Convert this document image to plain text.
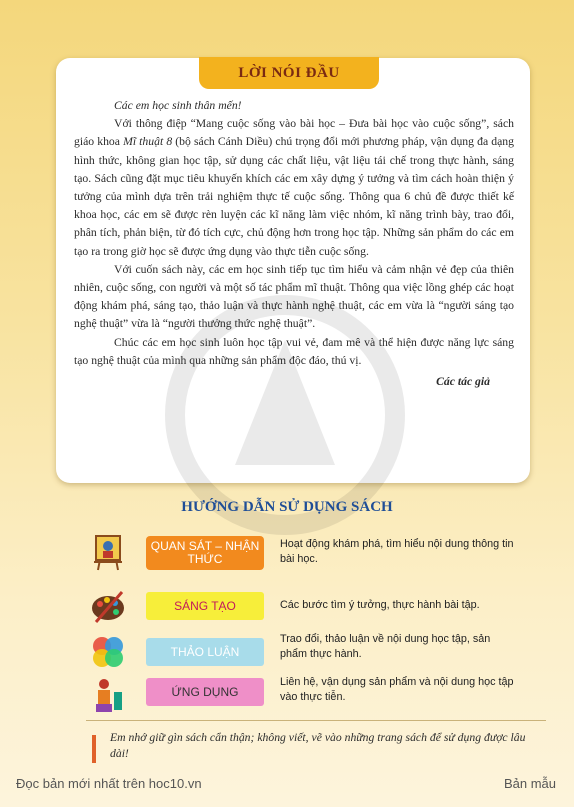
LỜI NÓI ĐẦU

Các em học sinh thân mến!

Với thông điệp “Mang cuộc sống vào bài học – Đưa bài học vào cuộc sống”, sách giáo khoa Mĩ thuật 8 (bộ sách Cánh Diều) chú trọng đổi mới phương pháp, vận dụng đa dạng hình thức, không gian học tập, sử dụng các chất liệu, vật liệu tái chế trong thực hành, sáng tạo. Sách cũng đặt mục tiêu khuyến khích các em xây dựng ý tưởng và tìm cách hoàn thiện ý tưởng của mình dựa trên trải nghiệm thực tế cuộc sống. Thông qua 6 chủ đề được thiết kế khoa học, các em sẽ được rèn luyện các kĩ năng làm việc nhóm, kĩ năng trình bày, trao đổi, phân tích, phản biện, từ đó tích cực, chủ động hơn trong học tập. Những sản phẩm do các em tạo ra trong giờ học sẽ được ứng dụng vào thực tiễn cuộc sống.

Với cuốn sách này, các em học sinh tiếp tục tìm hiểu và cảm nhận vẻ đẹp của thiên nhiên, cuộc sống, con người và một số tác phẩm mĩ thuật. Thông qua việc lồng ghép các hoạt động khám phá, sáng tạo, thảo luận và thực hành nghệ thuật, các em vừa là “người sáng tạo nghệ thuật” vừa là “người thưởng thức nghệ thuật”.

Chúc các em học sinh luôn học tập vui vẻ, đam mê và thể hiện được năng lực sáng tạo nghệ thuật của mình qua những sản phẩm độc đáo, thú vị.

Các tác giả

HƯỚNG DẪN SỬ DỤNG SÁCH
QUAN SÁT – NHẬN THỨC
Hoạt động khám phá, tìm hiểu nội dung thông tin bài học.
SÁNG TẠO	Các bước tìm ý tưởng, thực hành bài tập.
THẢO LUẬN
Trao đổi, thảo luận về nội dung học tập, sản phẩm thực hành.
ỨNG DỤNG
Liên hệ, vận dụng sản phẩm và nội dung học tập vào thực tiễn.
Em nhớ giữ gìn sách cẩn thận; không viết, vẽ vào những trang sách để sử dụng được lâu dài!
Đọc bản mới nhất trên hoc10.vn	Bản mẫu
